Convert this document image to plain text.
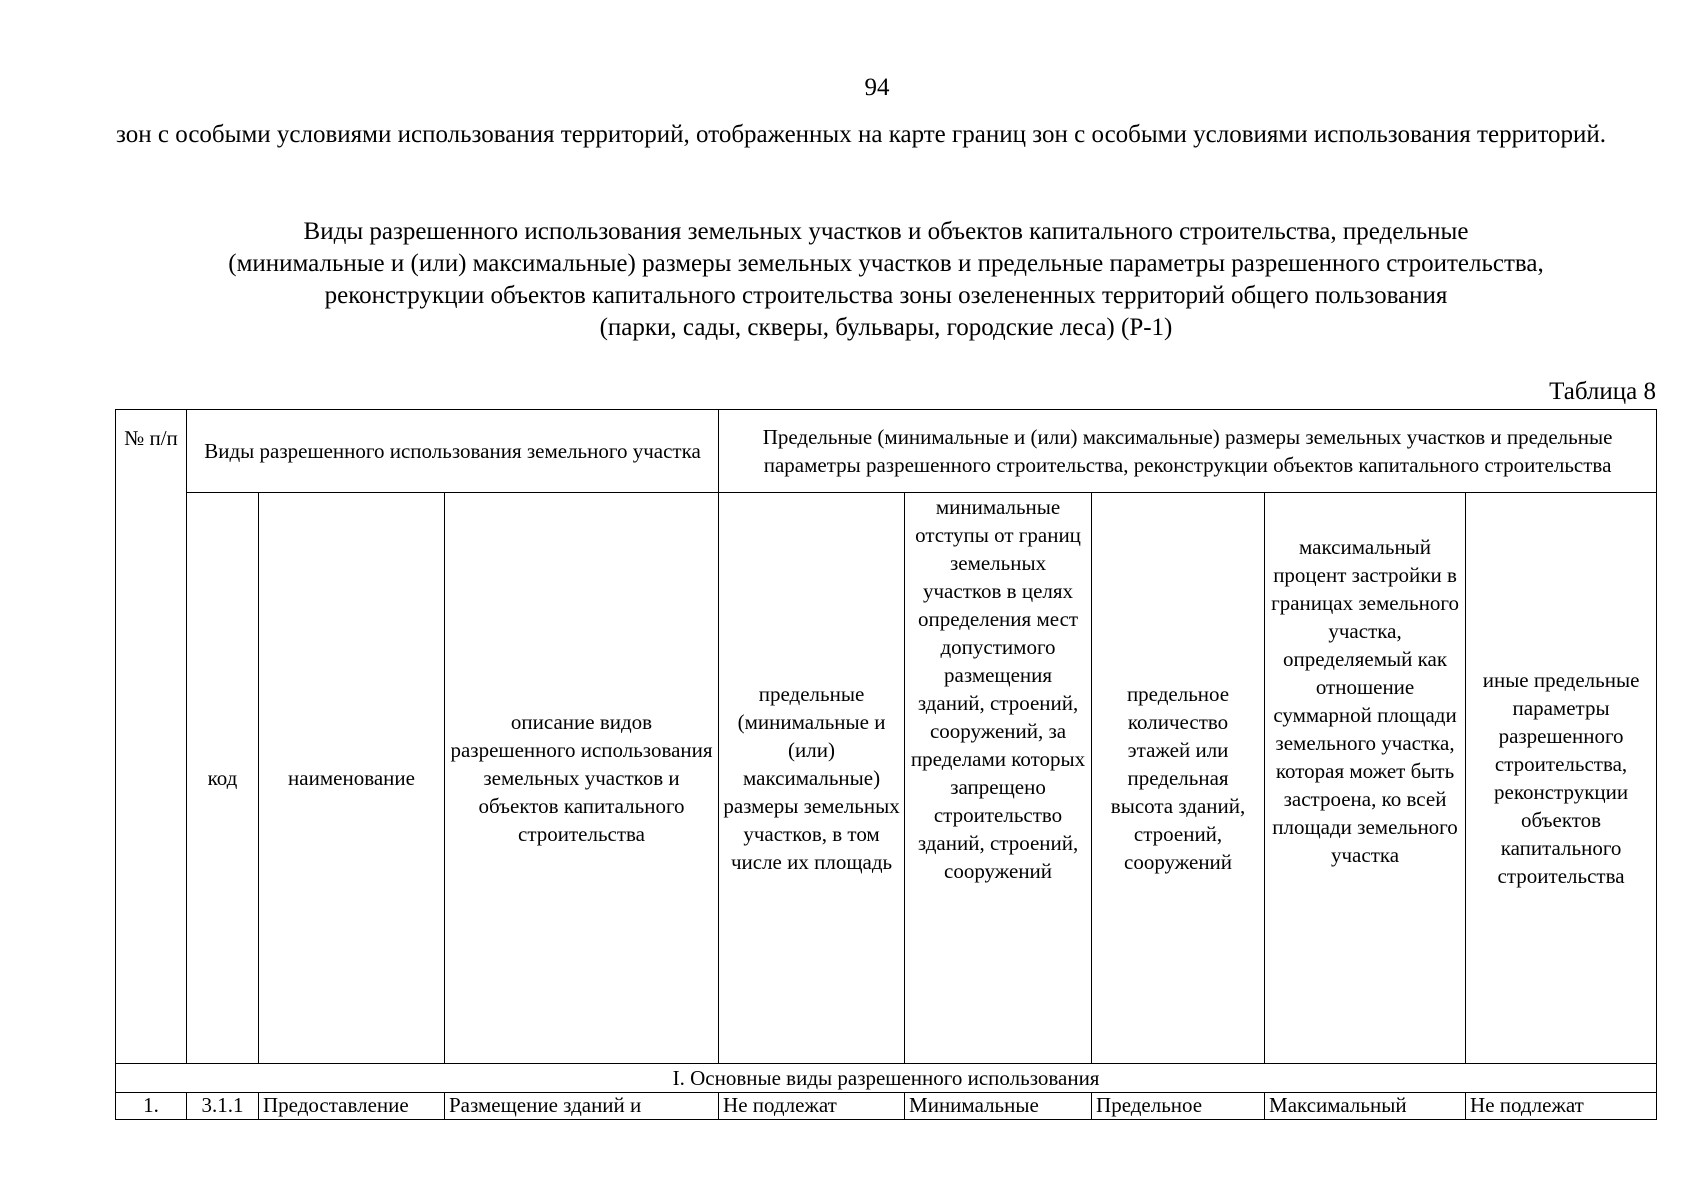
94
зон с особыми условиями использования территорий, отображенных на карте границ зон с особыми условиями использования территорий.
Виды разрешенного использования земельных участков и объектов капитального строительства, предельные
(минимальные и (или) максимальные) размеры земельных участков и предельные параметры разрешенного строительства,
реконструкции объектов капитального строительства зоны озелененных территорий общего пользования
(парки, сады, скверы, бульвары, городские леса) (Р-1)
Таблица 8
№ п/п	Виды разрешенного использования земельного участка			Предельные (минимальные и (или) максимальные) размеры земельных участков и предельные параметры разрешенного строительства, реконструкции объектов капитального строительства				
	код	наименование	описание видов разрешенного использования земельных участков и объектов капитального строительства	предельные (минимальные и (или) максимальные) размеры земельных участков, в том числе их площадь	минимальные отступы от границ земельных участков в целях определения мест допустимого размещения зданий, строений, сооружений, за пределами которых запрещено строительство зданий, строений, сооружений	предельное количество этажей или предельная высота зданий, строений, сооружений	максимальный процент застройки в границах земельного участка, определяемый как отношение суммарной площади земельного участка, которая может быть застроена, ко всей площади земельного участка	иные предельные параметры разрешенного строительства, реконструкции объектов капитального строительства
I. Основные виды разрешенного использования								
1.	3.1.1	Предоставление	Размещение зданий и	Не подлежат	Минимальные	Предельное	Максимальный	Не подлежат
